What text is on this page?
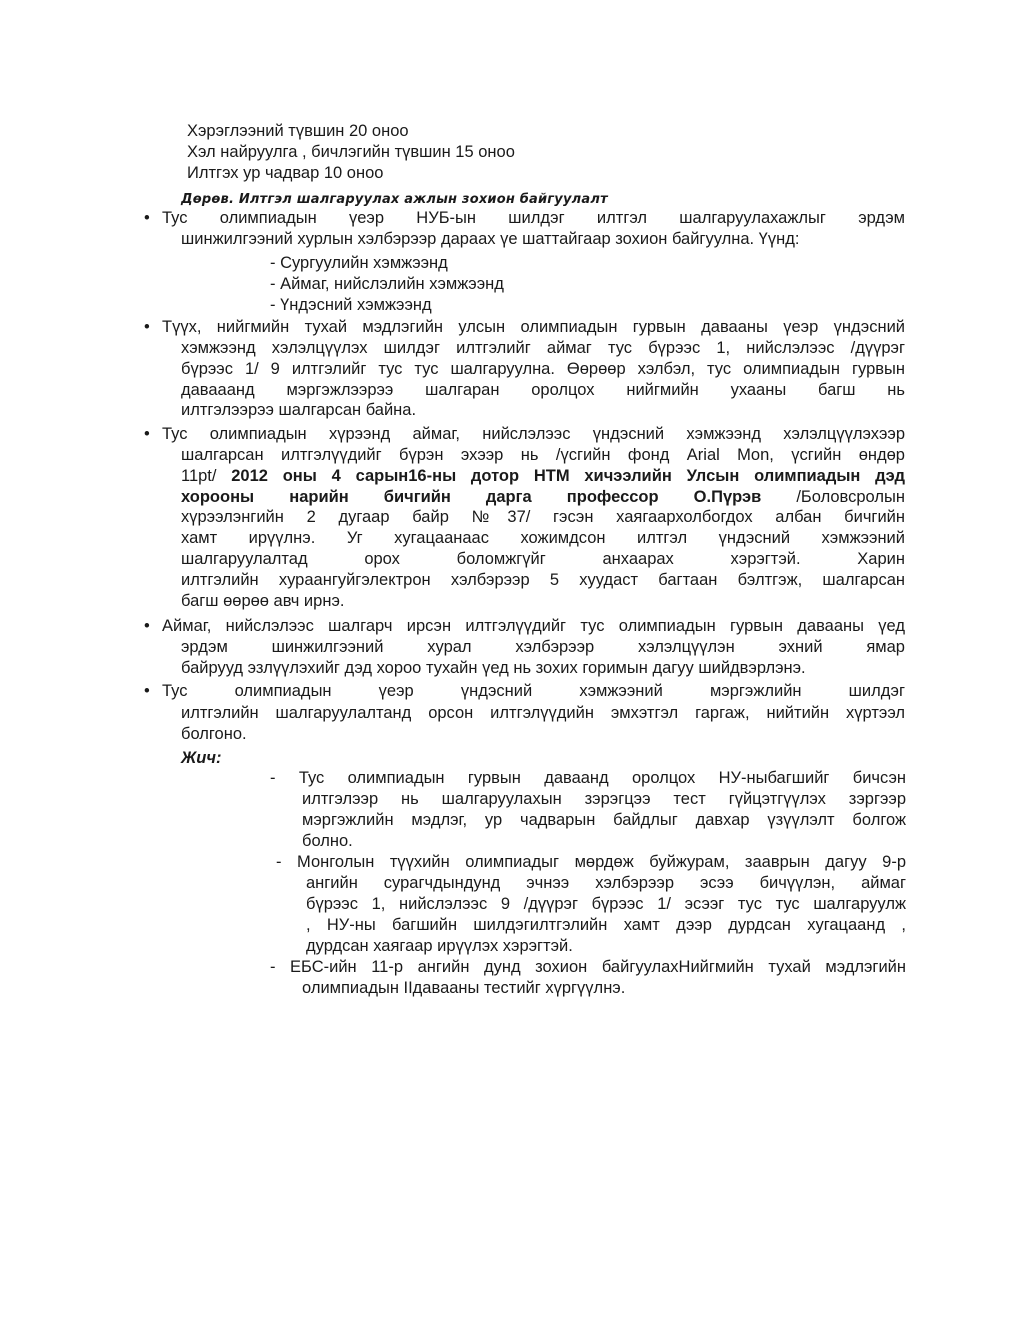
Хэрэглээний түвшин 20 оноо
Хэл найруулга , бичлэгийн түвшин 15 оноо
Илтгэх ур чадвар 10 оноо
Дөрөв. Илтгэл шалгаруулах ажлын зохион байгуулалт
• Тус олимпиадын үеэр НУБ-ын шилдэг илтгэл шалгаруулахажлыг эрдэм
шинжилгээний хурлын хэлбэрээр дараах үе шаттайгаар зохион байгуулна. Үүнд:
- Сургуулийн хэмжээнд
- Аймаг, нийслэлийн хэмжээнд
- Үндэсний хэмжээнд
• Түүх, нийгмийн тухай мэдлэгийн улсын олимпиадын гурвын давааны үеэр үндэсний
хэмжээнд хэлэлцүүлэх шилдэг илтгэлийг аймаг тус бүрээс 1, нийслэлээс /дүүрэг
бүрээс 1/ 9 илтгэлийг тус тус шалгаруулна. Өөрөөр хэлбэл, тус олимпиадын гурвын
давааанд мэргэжлээрээ шалгаран оролцох нийгмийн ухааны багш нь
илтгэлээрээ шалгарсан байна.
• Тус олимпиадын хүрээнд аймаг, нийслэлээс үндэсний хэмжээнд хэлэлцүүлэхээр
шалгарсан илтгэлүүдийг бүрэн эхээр нь /үсгийн фонд Arial Mon, үсгийн өндөр
11pt/ 2012 оны 4 сарын16-ны дотор НТМ хичээлийн Улсын олимпиадын дэд
хорооны нарийн бичгийн дарга профессор О.Пүрэв /Боловсролын
хүрээлэнгийн 2 дугаар байр №37/ гэсэн хаягаархолбогдох албан бичгийн
хамт ирүүлнэ. Уг хугацаанаас хожимдсон илтгэл үндэсний хэмжээний
шалгаруулалтад орох боломжгүйг анхаарах хэрэгтэй. Харин
илтгэлийн хураангуйгэлектрон хэлбэрээр 5 хуудаст багтаан бэлтгэж, шалгарсан
багш өөрөө авч ирнэ.
• Аймаг, нийслэлээс шалгарч ирсэн илтгэлүүдийг тус олимпиадын гурвын давааны үед
эрдэм шинжилгээний хурал хэлбэрээр хэлэлцүүлэн эхний ямар
байрууд эзлүүлэхийг дэд хороо тухайн үед нь зохих горимын дагуу шийдвэрлэнэ.
• Тус олимпиадын үеэр үндэсний хэмжээний мэргэжлийн шилдэг
илтгэлийн шалгаруулалтанд орсон илтгэлүүдийн эмхэтгэл гаргаж, нийтийн хүртээл
болгоно.
Жич:
- Тус олимпиадын гурвын даваанд оролцох НУ-ныбагшийг бичсэн
илтгэлээр нь шалгаруулахын зэрэгцээ тест гүйцэтгүүлэх зэргээр
мэргэжлийн мэдлэг, ур чадварын байдлыг давхар үзүүлэлт болгож
болно.
- Монголын түүхийн олимпиадыг мөрдөж буйжурам, зааврын дагуу 9-р
ангийн сурагчдындунд эчнээ хэлбэрээр эсээ бичүүлэн, аймаг
бүрээс 1, нийслэлээс 9 /дүүрэг бүрээс 1/ эсээг тус тус шалгаруулж
, НУ-ны багшийн шилдэгилтгэлийн хамт дээр дурдсан хугацаанд ,
дурдсан хаягаар ирүүлэх хэрэгтэй.
- ЕБС-ийн 11-р ангийн дунд зохион байгуулахНийгмийн тухай мэдлэгийн
олимпиадын IIдавааны тестийг хүргүүлнэ.
